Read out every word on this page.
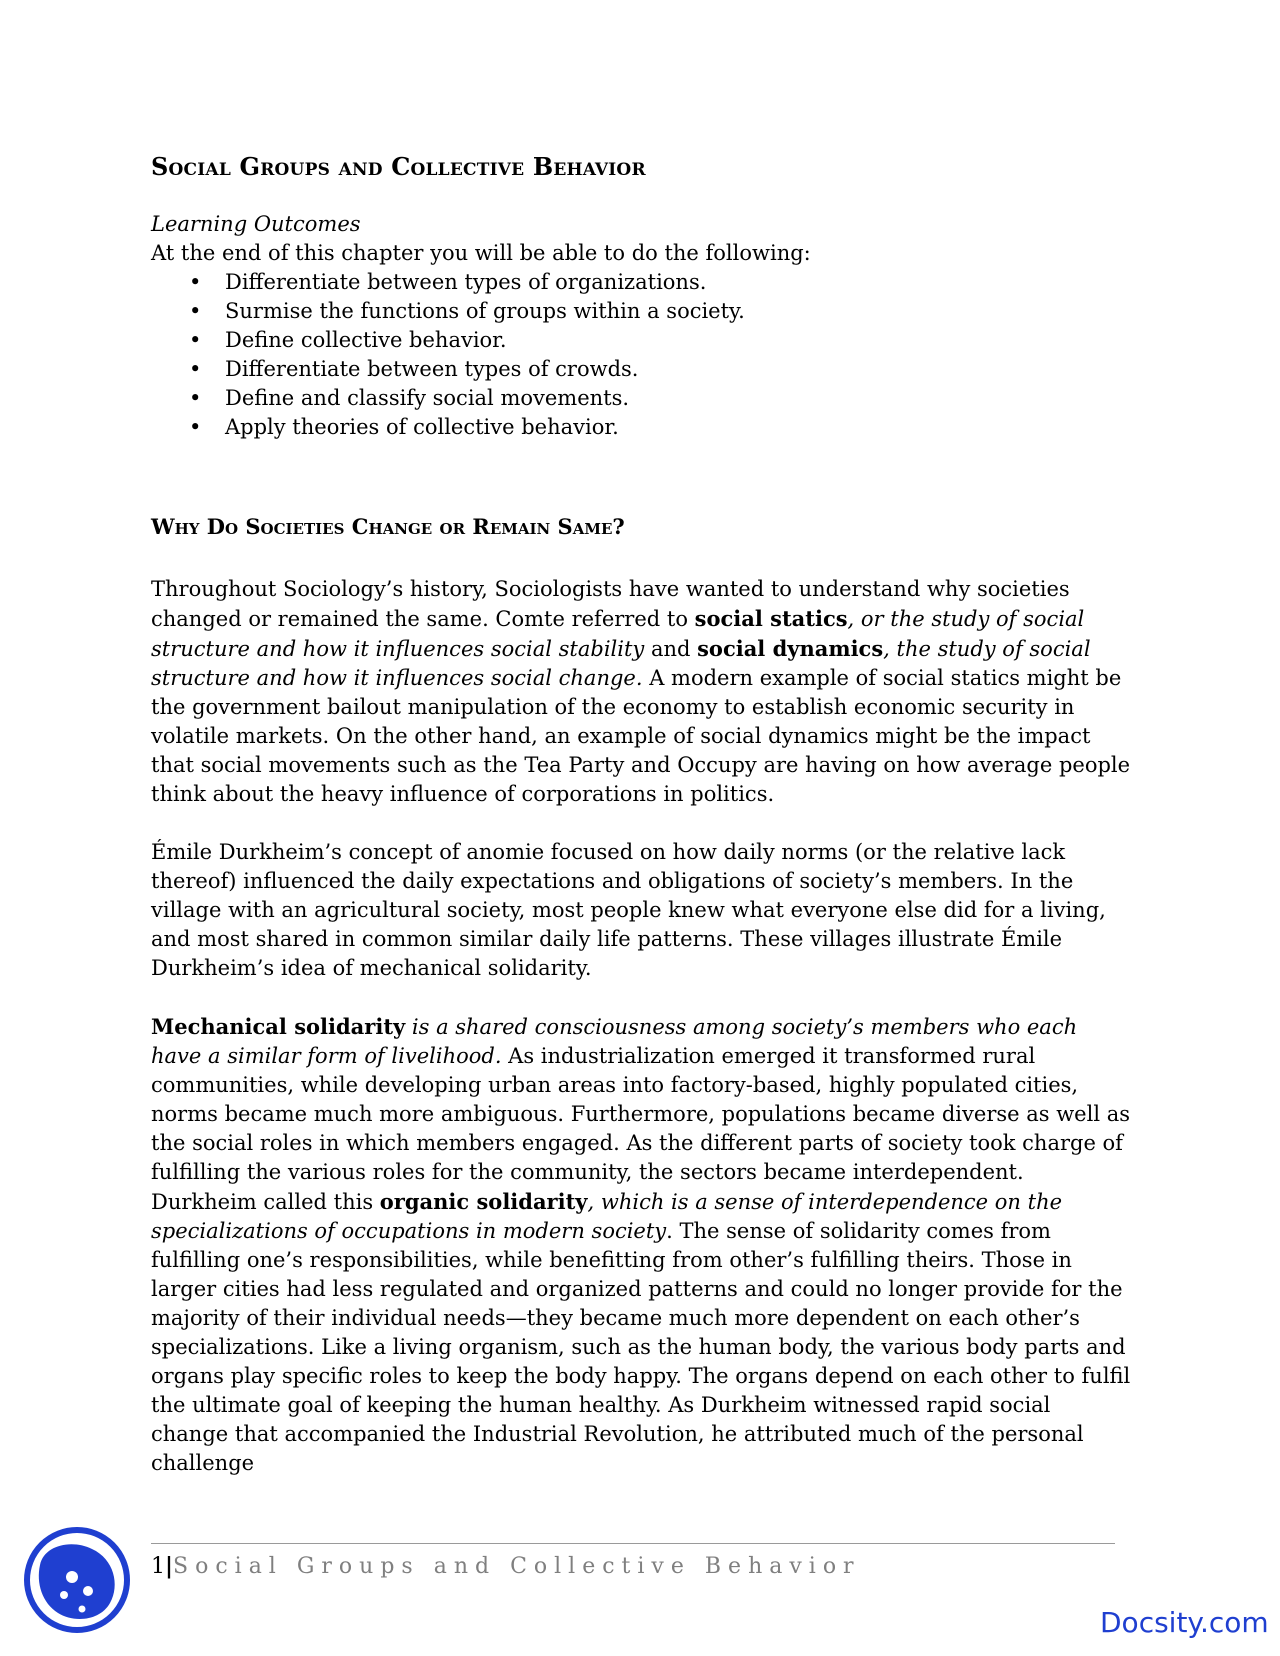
Social Groups and Collective Behavior
Learning Outcomes
At the end of this chapter you will be able to do the following:
• Differentiate between types of organizations.
• Surmise the functions of groups within a society.
• Define collective behavior.
• Differentiate between types of crowds.
• Define and classify social movements.
• Apply theories of collective behavior.
Why Do Societies Change or Remain Same?

Throughout Sociology’s history, Sociologists have wanted to understand why societies changed or remained the same. Comte referred to social statics, or the study of social structure and how it influences social stability and social dynamics, the study of social structure and how it influences social change. A modern example of social statics might be the government bailout manipulation of the economy to establish economic security in volatile markets. On the other hand, an example of social dynamics might be the impact that social movements such as the Tea Party and Occupy are having on how average people think about the heavy influence of corporations in politics.

Émile Durkheim’s concept of anomie focused on how daily norms (or the relative lack thereof) influenced the daily expectations and obligations of society’s members. In the village with an agricultural society, most people knew what everyone else did for a living, and most shared in common similar daily life patterns. These villages illustrate Émile Durkheim’s idea of mechanical solidarity.

Mechanical solidarity is a shared consciousness among society’s members who each have a similar form of livelihood. As industrialization emerged it transformed rural communities, while developing urban areas into factory-based, highly populated cities, norms became much more ambiguous. Furthermore, populations became diverse as well as the social roles in which members engaged. As the different parts of society took charge of fulfilling the various roles for the community, the sectors became interdependent. Durkheim called this organic solidarity, which is a sense of interdependence on the specializations of occupations in modern society. The sense of solidarity comes from fulfilling one’s responsibilities, while benefitting from other’s fulfilling theirs. Those in larger cities had less regulated and organized patterns and could no longer provide for the majority of their individual needs—they became much more dependent on each other’s specializations. Like a living organism, such as the human body, the various body parts and organs play specific roles to keep the body happy. The organs depend on each other to fulfil the ultimate goal of keeping the human healthy. As Durkheim witnessed rapid social change that accompanied the Industrial Revolution, he attributed much of the personal challenge

1|Social Groups and Collective Behavior
Docsity.com
